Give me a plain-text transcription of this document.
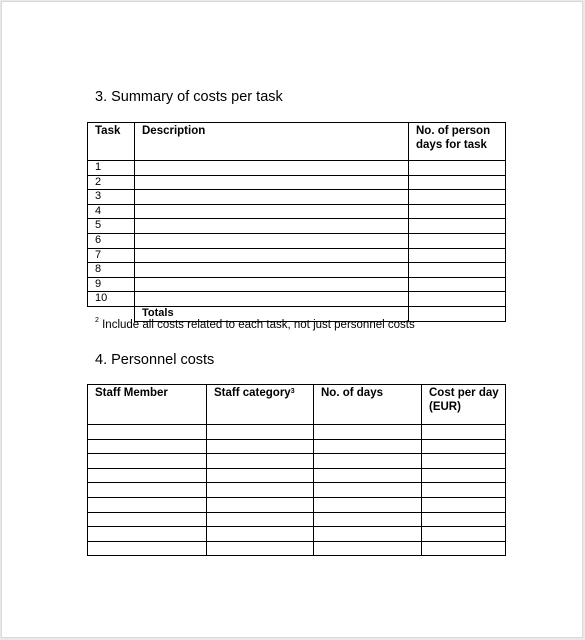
3. Summary of costs per task
Task	Description	No. of person days for task
1		
2		
3		
4		
5		
6		
7		
8		
9		
10		
	Totals	
$^2$ Include all costs related to each task, not just personnel costs
4. Personnel costs
Staff Member	Staff category$^3$	No. of days	Cost per day (EUR)
